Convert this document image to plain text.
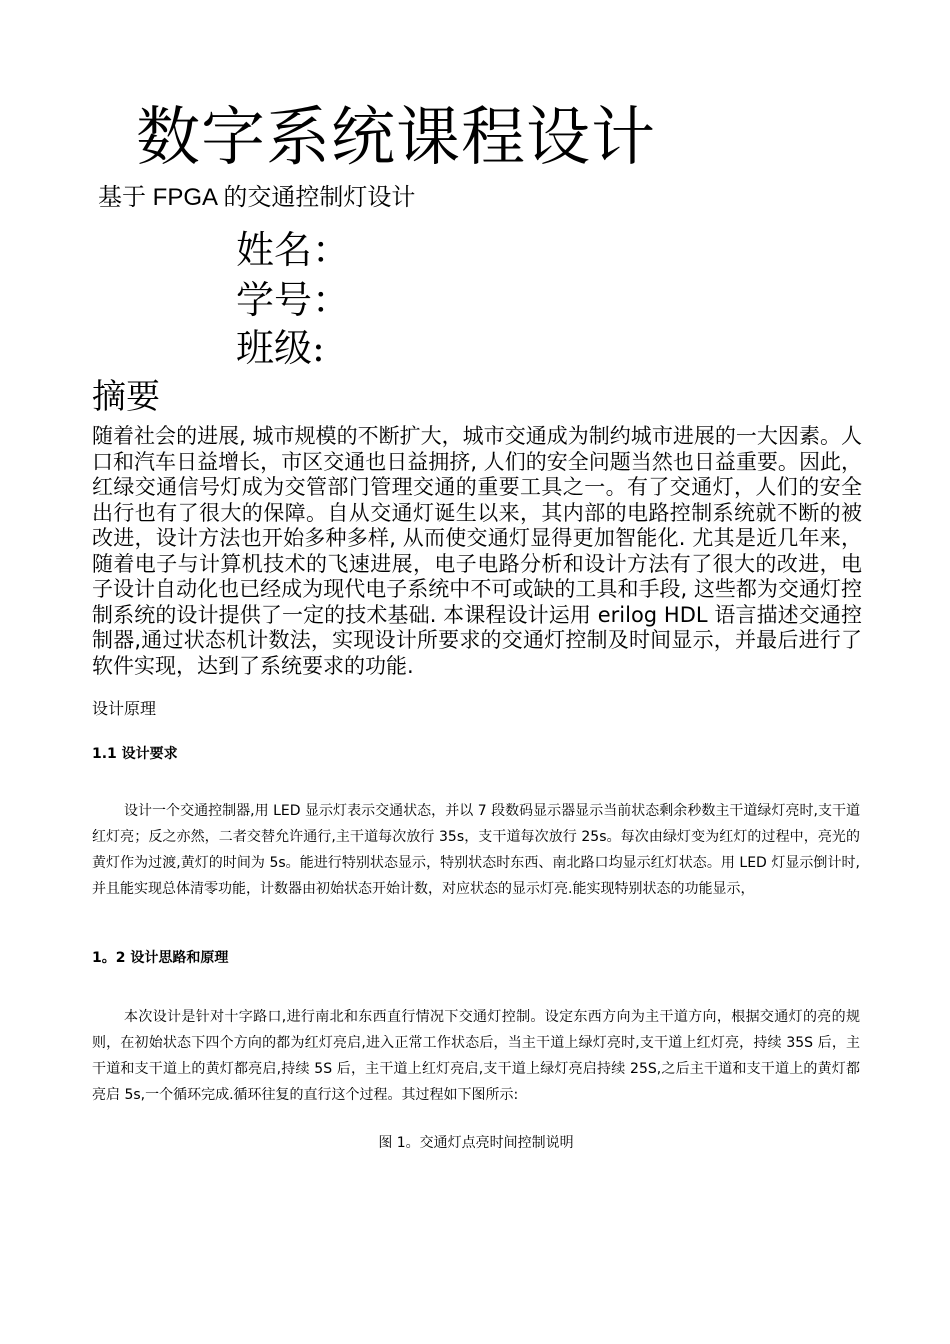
数字系统课程设计
基于 FPGA 的交通控制灯设计
姓名：
学号：
班级:
摘要
随着社会的进展, 城市规模的不断扩大，城市交通成为制约城市进展的一大因素。人口和汽车日益增长，市区交通也日益拥挤, 人们的安全问题当然也日益重要。因此，红绿交通信号灯成为交管部门管理交通的重要工具之一。有了交通灯，人们的安全出行也有了很大的保障。自从交通灯诞生以来，其内部的电路控制系统就不断的被改进，设计方法也开始多种多样, 从而使交通灯显得更加智能化. 尤其是近几年来，随着电子与计算机技术的飞速进展，电子电路分析和设计方法有了很大的改进，电子设计自动化也已经成为现代电子系统中不可或缺的工具和手段, 这些都为交通灯控制系统的设计提供了一定的技术基础. 本课程设计运用 erilog HDL 语言描述交通控制器,通过状态机计数法，实现设计所要求的交通灯控制及时间显示，并最后进行了软件实现，达到了系统要求的功能.
设计原理
1.1 设计要求
设计一个交通控制器,用 LED 显示灯表示交通状态，并以 7 段数码显示器显示当前状态剩余秒数主干道绿灯亮时,支干道红灯亮；反之亦然，二者交替允许通行,主干道每次放行 35s，支干道每次放行 25s。每次由绿灯变为红灯的过程中，亮光的黄灯作为过渡,黄灯的时间为 5s。能进行特别状态显示，特别状态时东西、南北路口均显示红灯状态。用 LED 灯显示倒计时,并且能实现总体清零功能，计数器由初始状态开始计数，对应状态的显示灯亮.能实现特别状态的功能显示，
1。2 设计思路和原理
本次设计是针对十字路口,进行南北和东西直行情况下交通灯控制。设定东西方向为主干道方向，根据交通灯的亮的规则，在初始状态下四个方向的都为红灯亮启,进入正常工作状态后，当主干道上绿灯亮时,支干道上红灯亮，持续 35S 后，主干道和支干道上的黄灯都亮启,持续 5S 后，主干道上红灯亮启,支干道上绿灯亮启持续 25S,之后主干道和支干道上的黄灯都亮启 5s,一个循环完成.循环往复的直行这个过程。其过程如下图所示:
图 1。交通灯点亮时间控制说明
